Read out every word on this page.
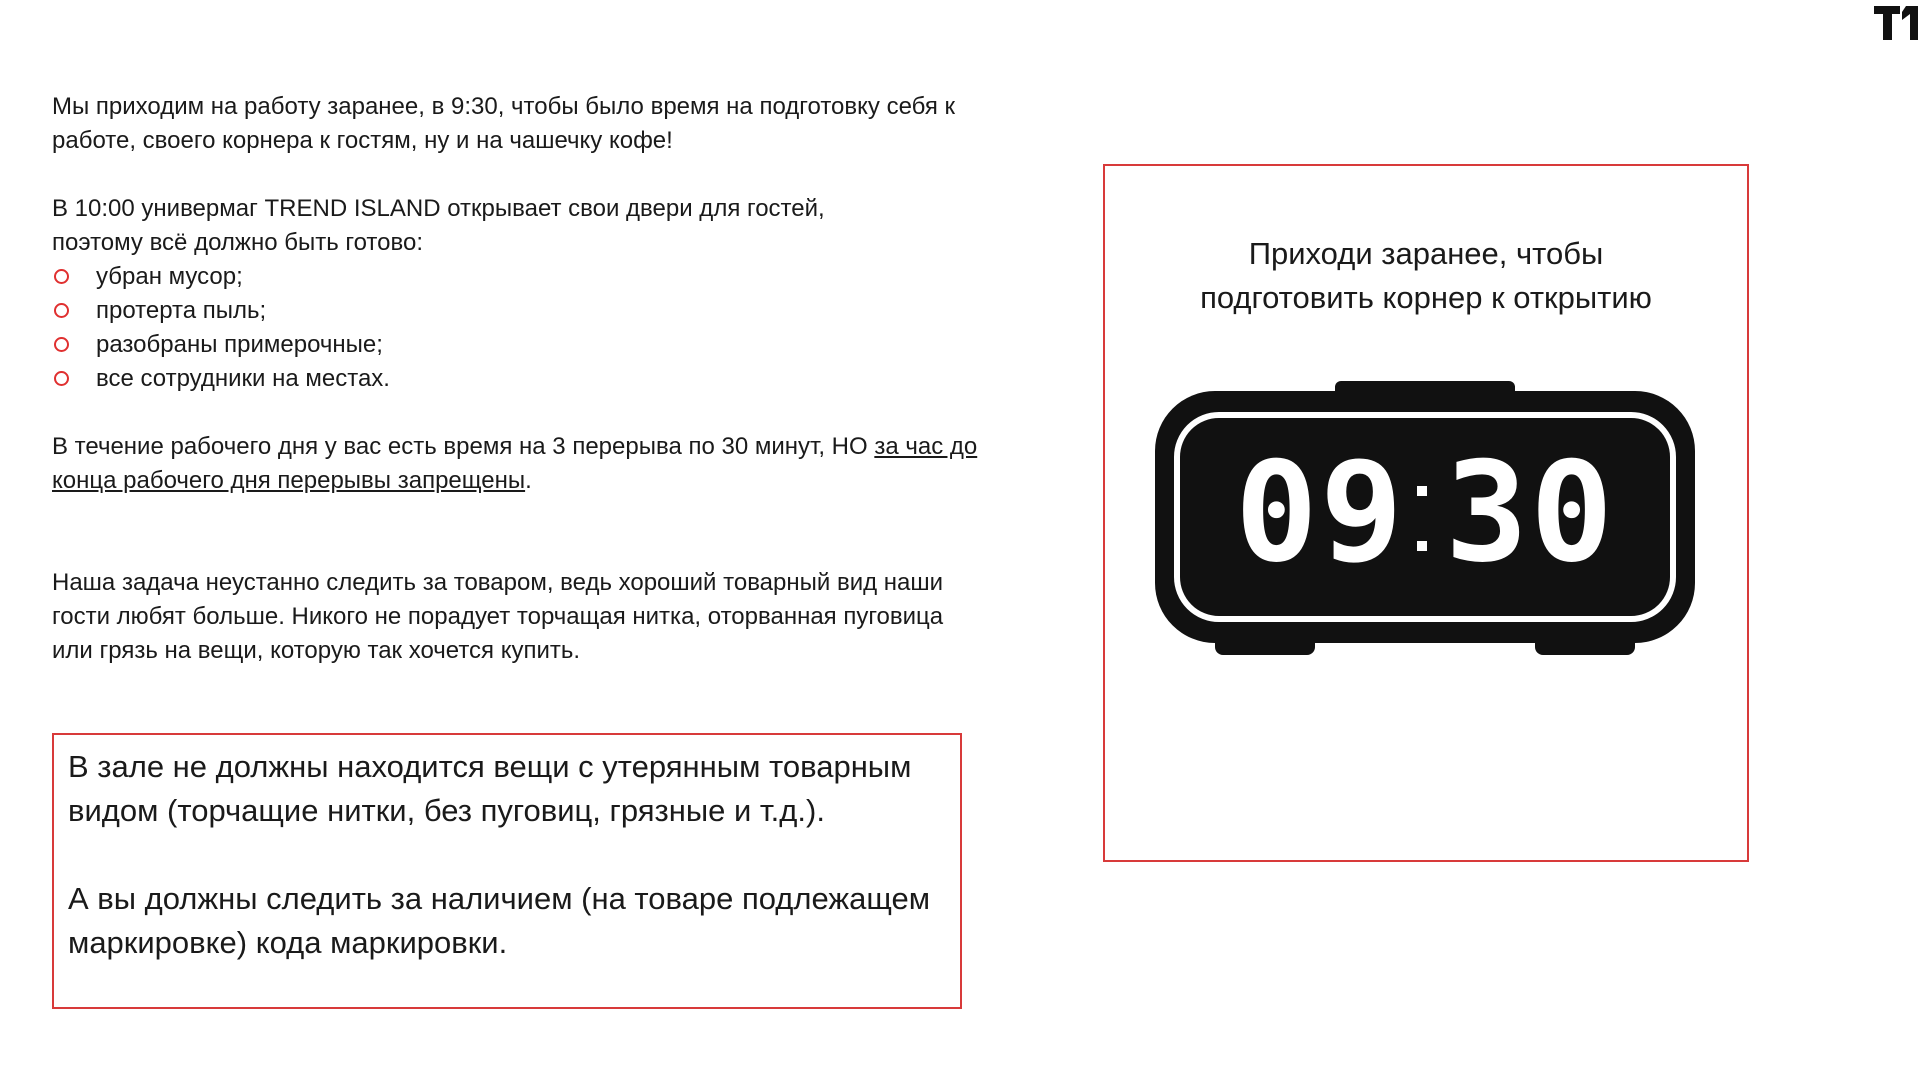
Мы приходим на работу заранее, в 9:30, чтобы было время на подготовку себя к работе, своего корнера к гостям, ну и на чашечку кофе!

В 10:00 универмаг TREND ISLAND открывает свои двери для гостей,

поэтому всё должно быть готово:

убран мусор;
протерта пыль;
разобраны примерочные;
все сотрудники на местах.

В течение рабочего дня у вас есть время на 3 перерыва по 30 минут, НО за час до конца рабочего дня перерывы запрещены.

Наша задача неустанно следить за товаром, ведь хороший товарный вид наши гости любят больше. Никого не порадует торчащая нитка, оторванная пуговица или грязь на вещи, которую так хочется купить.

В зале не должны находится вещи с утерянным товарным видом (торчащие нитки, без пуговиц, грязные и т.д.).

А вы должны следить за наличием (на товаре подлежащем маркировке) кода маркировки.

Приходи заранее, чтобы
подготовить корнер к открытию

09 30
